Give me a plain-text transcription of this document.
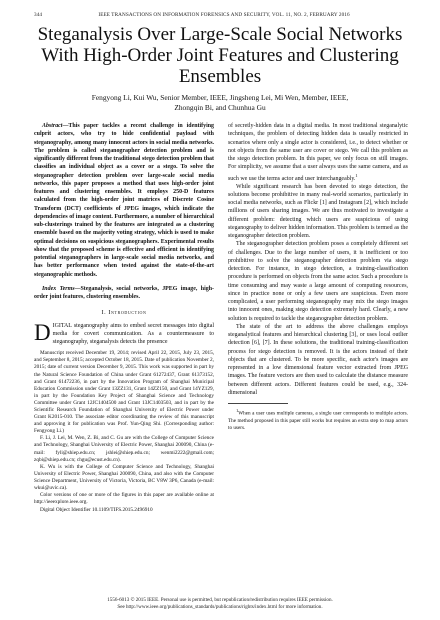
344	IEEE TRANSACTIONS ON INFORMATION FORENSICS AND SECURITY, VOL. 11, NO. 2, FEBRUARY 2016
Steganalysis Over Large-Scale Social Networks With High-Order Joint Features and Clustering Ensembles
Fengyong Li, Kui Wu, Senior Member, IEEE, Jingsheng Lei, Mi Wen, Member, IEEE,
Zhongqin Bi, and Chunhua Gu

Abstract—This paper tackles a recent challenge in identifying culprit actors, who try to hide confidential payload with steganography, among many innocent actors in social media networks. The problem is called steganographer detection problem and is significantly different from the traditional stego detection problem that classifies an individual object as a cover or a stego. To solve the steganographer detection problem over large-scale social media networks, this paper proposes a method that uses high-order joint features and clustering ensembles. It employs 250-D features calculated from the high-order joint matrices of Discrete Cosine Transform (DCT) coefficients of JPEG images, which indicate the dependencies of image content. Furthermore, a number of hierarchical sub-clusterings trained by the features are integrated as a clustering ensemble based on the majority voting strategy, which is used to make optimal decisions on suspicious steganographers. Experimental results show that the proposed scheme is effective and efficient in identifying potential steganographers in large-scale social media networks, and has better performance when tested against the state-of-the-art steganographic methods.

Index Terms—Steganalysis, social networks, JPEG image, high-order joint features, clustering ensembles.

I. Introduction

DIGITAL steganography aims to embed secret messages into digital media for covert communication. As a countermeasure to steganography, steganalysis detects the presence

Manuscript received December 19, 2014; revised April 22, 2015, July 23, 2015, and September 8, 2015; accepted October 18, 2015. Date of publication November 2, 2015; date of current version December 9, 2015. This work was supported in part by the Natural Science Foundation of China under Grant 61272437, Grant 61373152, and Grant 61472236, in part by the Innovation Program of Shanghai Municipal Education Commission under Grant 13ZZ131, Grant 14ZZ150, and Grant 14YZ129, in part by the Foundation Key Project of Shanghai Science and Technology Committee under Grant 12JC1404500 and Grant 13JC1403503, and in part by the Scientific Research Foundation of Shanghai University of Electric Power under Grant K2015-010. The associate editor coordinating the review of this manuscript and approving it for publication was Prof. Yun-Qing Shi. (Corresponding author: Fengyong Li.)

F. Li, J. Lei, M. Wen, Z. Bi, and C. Gu are with the College of Computer Science and Technology, Shanghai University of Electric Power, Shanghai 200090, China (e-mail: fyli@shiep.edu.cn; jshlei@shiep.edu.cn; wenmi2222@gmail.com; zqbi@shiep.edu.cn; chgu@ecust.edu.cn).

K. Wu is with the College of Computer Science and Technology, Shanghai University of Electric Power, Shanghai 200090, China, and also with the Computer Science Department, University of Victoria, Victoria, BC V8W 3P6, Canada (e-mail: wkui@uvic.ca).

Color versions of one or more of the figures in this paper are available online at http://ieeexplore.ieee.org.

Digital Object Identifier 10.1109/TIFS.2015.2496910

of secretly-hidden data in a digital media. In most traditional steganalytic techniques, the problem of detecting hidden data is usually restricted in scenarios where only a single actor is considered, i.e., to detect whether or not objects from the same user are cover or stego. We call this problem as the stego detection problem. In this paper, we only focus on still images. For simplicity, we assume that a user always uses the same camera, and as such we use the terms actor and user interchangeably.$^1$

While significant research has been devoted to stego detection, the solutions become prohibitive in many real-world scenarios, particularly in social media networks, such as Flickr [1] and Instagram [2], which include millions of users sharing images. We are thus motivated to investigate a different problem: detecting which users are suspicious of using steganography to deliver hidden information. This problem is termed as the steganographer detection problem.

The steganographer detection problem poses a completely different set of challenges. Due to the large number of users, it is inefficient or too prohibitive to solve the steganographer detection problem via stego detection. For instance, in stego detection, a training-classification procedure is performed on objects from the same actor. Such a procedure is time consuming and may waste a large amount of computing resources, since in practice none or only a few users are suspicious. Even more complicated, a user performing steganography may mix the stego images into innocent ones, making stego detection extremely hard. Clearly, a new solution is required to tackle the steganographer detection problem.

The state of the art to address the above challenges employs steganalytical features and hierarchical clustering [3], or uses local outlier detection [6], [7]. In these solutions, the traditional training-classification process for stego detection is removed. It is the actors instead of their objects that are clustered. To be more specific, each actor's images are represented in a low dimensional feature vector extracted from JPEG images. The feature vectors are then used to calculate the distance measure between different actors. Different features could be used, e.g., 324-dimensional

$^1$When a user uses multiple cameras, a single user corresponds to multiple actors. The method proposed in this paper still works but requires an extra step to map actors to users.

1556-6013 © 2015 IEEE. Personal use is permitted, but republication/redistribution requires IEEE permission.
See http://www.ieee.org/publications_standards/publications/rights/index.html for more information.
